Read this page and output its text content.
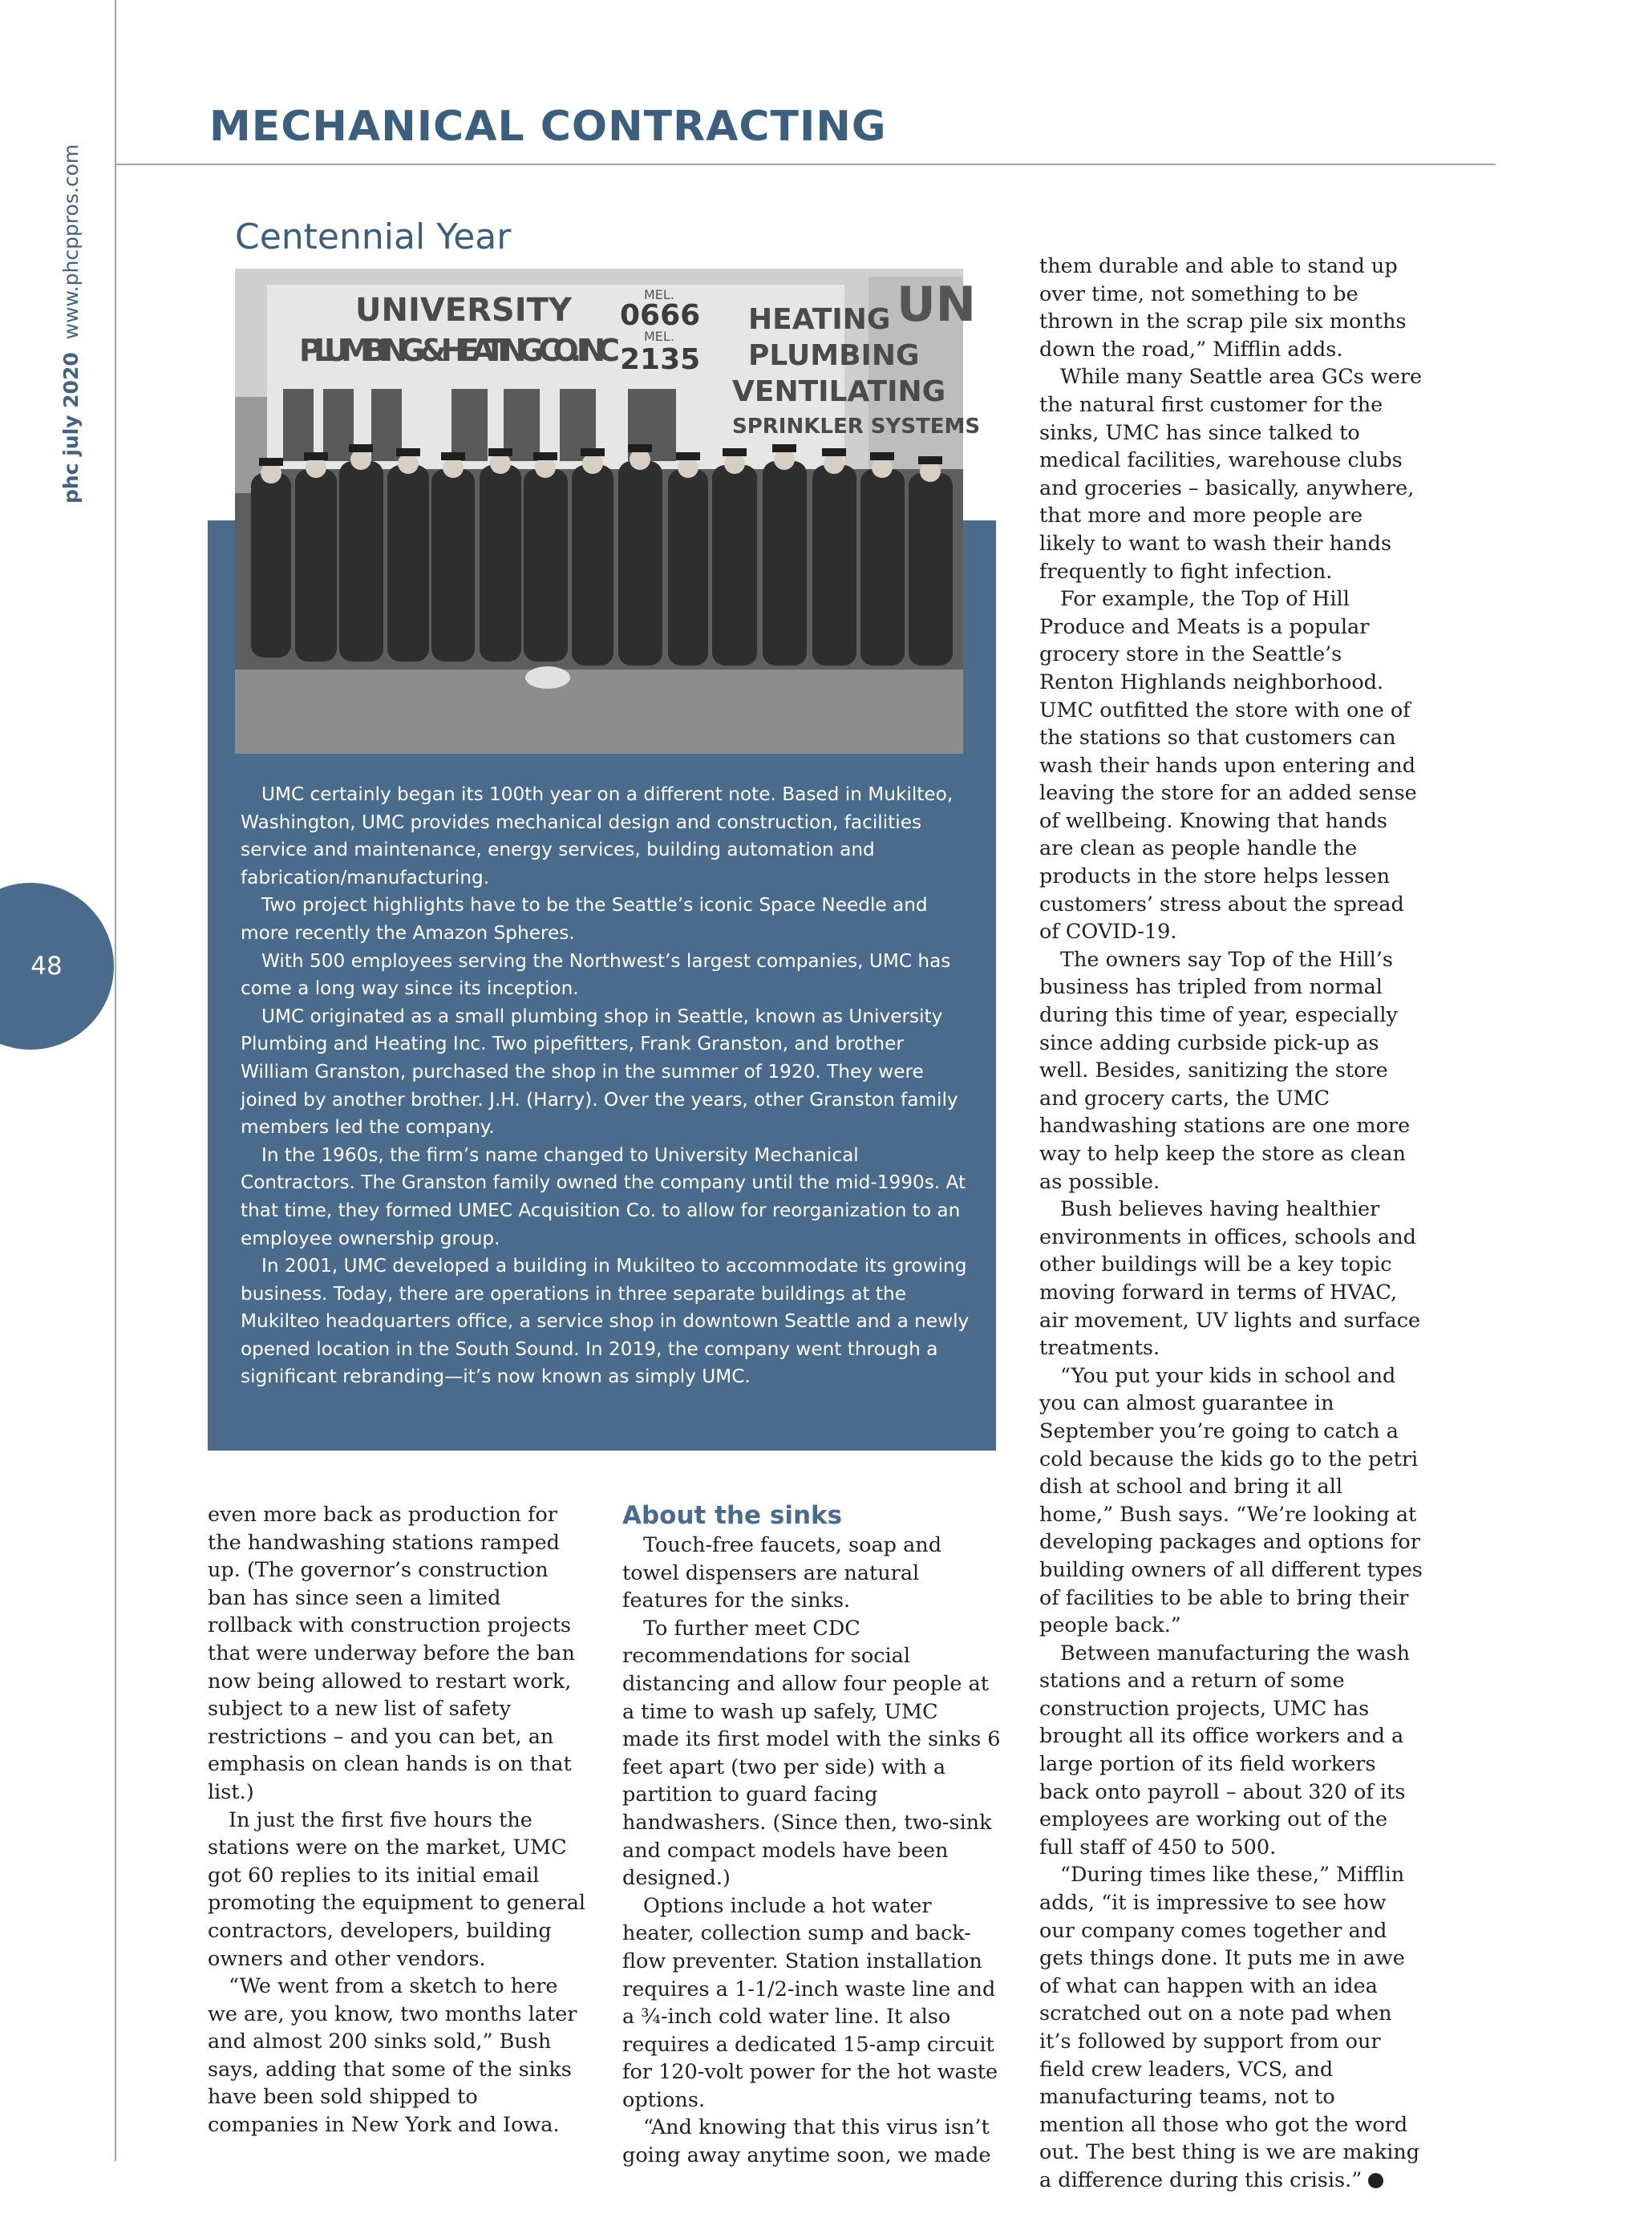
phc july 2020  www.phcppros.com
48
MECHANICAL CONTRACTING
Centennial Year
UNIVERSITY
PLUMBING & HEATING CO. INC
MEL.
0666
MEL.
2135
HEATING
PLUMBING
VENTILATING
SPRINKLER SYSTEMS
UN

UMC certainly began its 100th year on a different note. Based in Mukilteo, Washington, UMC provides mechanical design and construction, facilities service and maintenance, energy services, building automation and fabrication/manufacturing.

Two project highlights have to be the Seattle’s iconic Space Needle and more recently the Amazon Spheres.

With 500 employees serving the Northwest’s largest companies, UMC has come a long way since its inception.

UMC originated as a small plumbing shop in Seattle, known as University Plumbing and Heating Inc. Two pipefitters, Frank Granston, and brother William Granston, purchased the shop in the summer of 1920. They were joined by another brother. J.H. (Harry). Over the years, other Granston family members led the company.

In the 1960s, the firm’s name changed to University Mechanical Contractors. The Granston family owned the company until the mid-1990s. At that time, they formed UMEC Acquisition Co. to allow for reorganization to an employee ownership group.

In 2001, UMC developed a building in Mukilteo to accommodate its growing business. Today, there are operations in three separate buildings at the Mukilteo headquarters office, a service shop in downtown Seattle and a newly opened location in the South Sound. In 2019, the company went through a significant rebranding—it’s now known as simply UMC.

even more back as production for the handwashing stations ramped up. (The governor’s construction ban has since seen a limited rollback with construction projects that were underway before the ban now being allowed to restart work, subject to a new list of safety restrictions – and you can bet, an emphasis on clean hands is on that list.)

In just the first five hours the stations were on the market, UMC got 60 replies to its initial email promoting the equipment to general contractors, developers, building owners and other vendors.

“We went from a sketch to here we are, you know, two months later and almost 200 sinks sold,” Bush says, adding that some of the sinks have been sold shipped to companies in New York and Iowa.

About the sinks

Touch-free faucets, soap and towel dispensers are natural features for the sinks.

To further meet CDC recommendations for social distancing and allow four people at a time to wash up safely, UMC made its first model with the sinks 6 feet apart (two per side) with a partition to guard facing handwashers. (Since then, two-sink and compact models have been designed.)

Options include a hot water heater, collection sump and back-flow preventer. Station installation requires a 1-1/2-inch waste line and a ¾-inch cold water line. It also requires a dedicated 15-amp circuit for 120-volt power for the hot waste options.

“And knowing that this virus isn’t going away anytime soon, we made

them durable and able to stand up over time, not something to be thrown in the scrap pile six months down the road,” Mifflin adds.

While many Seattle area GCs were the natural first customer for the sinks, UMC has since talked to medical facilities, warehouse clubs and groceries – basically, anywhere, that more and more people are likely to want to wash their hands frequently to fight infection.

For example, the Top of Hill Produce and Meats is a popular grocery store in the Seattle’s Renton Highlands neighborhood. UMC outfitted the store with one of the stations so that customers can wash their hands upon entering and leaving the store for an added sense of wellbeing. Knowing that hands are clean as people handle the products in the store helps lessen customers’ stress about the spread of COVID-19.

The owners say Top of the Hill’s business has tripled from normal during this time of year, especially since adding curbside pick-up as well. Besides, sanitizing the store and grocery carts, the UMC handwashing stations are one more way to help keep the store as clean as possible.

Bush believes having healthier environments in offices, schools and other buildings will be a key topic moving forward in terms of HVAC, air movement, UV lights and surface treatments.

“You put your kids in school and you can almost guarantee in September you’re going to catch a cold because the kids go to the petri dish at school and bring it all home,” Bush says. “We’re looking at developing packages and options for building owners of all different types of facilities to be able to bring their people back.”

Between manufacturing the wash stations and a return of some construction projects, UMC has brought all its office workers and a large portion of its field workers back onto payroll – about 320 of its employees are working out of the full staff of 450 to 500.

“During times like these,” Mifflin adds, “it is impressive to see how our company comes together and gets things done. It puts me in awe of what can happen with an idea scratched out on a note pad when it’s followed by support from our field crew leaders, VCS, and manufacturing teams, not to mention all those who got the word out. The best thing is we are making a difference during this crisis.”
